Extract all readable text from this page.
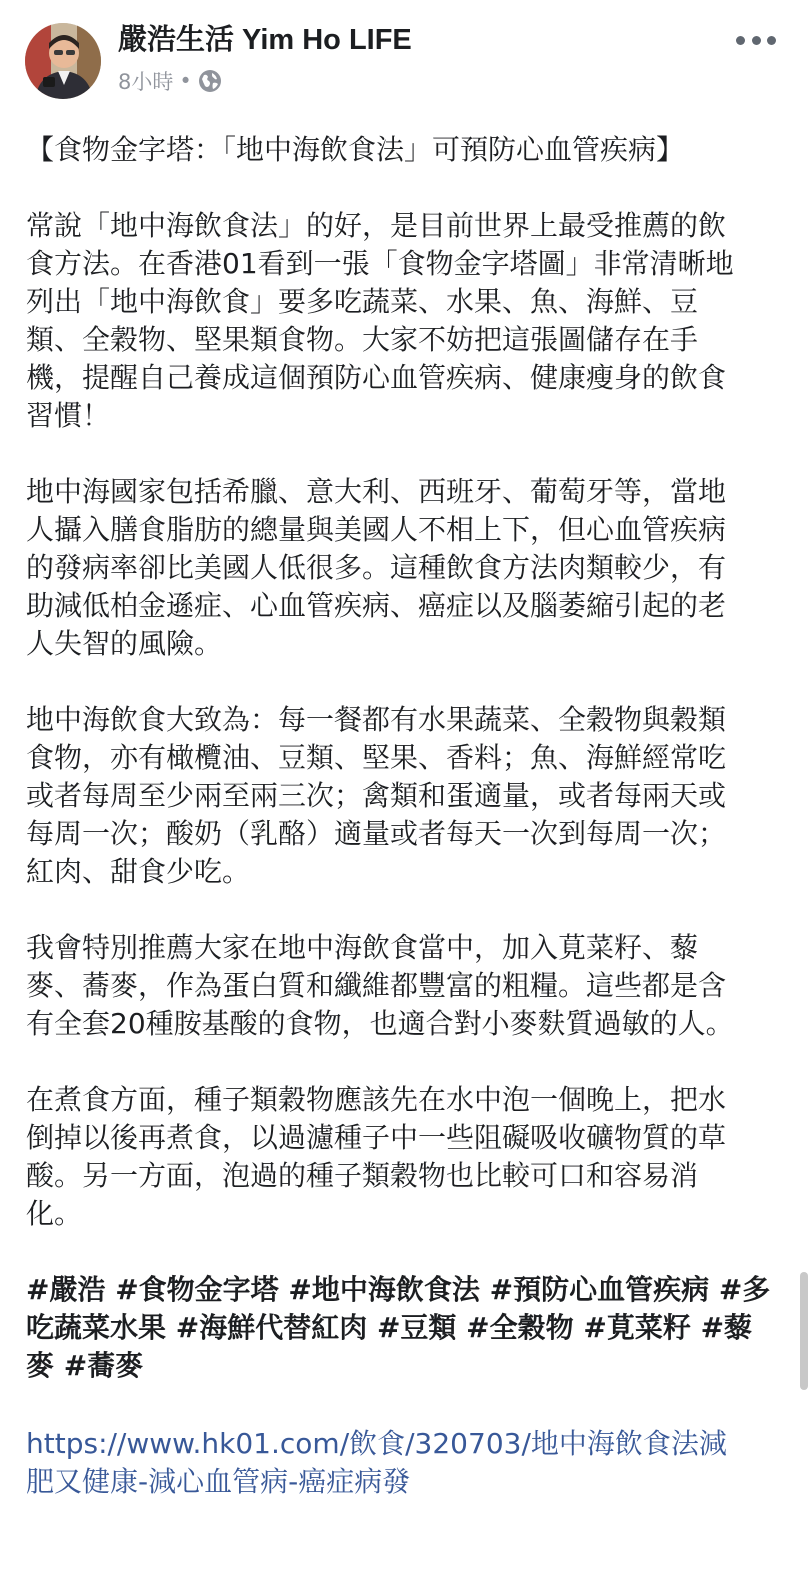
嚴浩生活 Yim Ho LIFE
8小時 •
【食物金字塔：「地中海飲食法」可預防心血管疾病】
常說「地中海飲食法」的好，是目前世界上最受推薦的飲
食方法。在香港01看到一張「食物金字塔圖」非常清晰地
列出「地中海飲食」要多吃蔬菜、水果、魚、海鮮、豆
類、全穀物、堅果類食物。大家不妨把這張圖儲存在手
機，提醒自己養成這個預防心血管疾病、健康瘦身的飲食
習慣！
地中海國家包括希臘、意大利、西班牙、葡萄牙等，當地
人攝入膳食脂肪的總量與美國人不相上下，但心血管疾病
的發病率卻比美國人低很多。這種飲食方法肉類較少，有
助減低柏金遜症、心血管疾病、癌症以及腦萎縮引起的老
人失智的風險。
地中海飲食大致為：每一餐都有水果蔬菜、全穀物與穀類
食物，亦有橄欖油、豆類、堅果、香料；魚、海鮮經常吃
或者每周至少兩至兩三次；禽類和蛋適量，或者每兩天或
每周一次；酸奶（乳酪）適量或者每天一次到每周一次；
紅肉、甜食少吃。
我會特別推薦大家在地中海飲食當中，加入莧菜籽、藜
麥、蕎麥，作為蛋白質和纖維都豐富的粗糧。這些都是含
有全套20種胺基酸的食物，也適合對小麥麩質過敏的人。
在煮食方面，種子類穀物應該先在水中泡一個晚上，把水
倒掉以後再煮食，以過濾種子中一些阻礙吸收礦物質的草
酸。另一方面，泡過的種子類穀物也比較可口和容易消
化。
#嚴浩 #食物金字塔 #地中海飲食法 #預防心血管疾病 #多
吃蔬菜水果 #海鮮代替紅肉 #豆類 #全穀物 #莧菜籽 #藜
麥 #蕎麥
https://www.hk01.com/飲食/320703/地中海飲食法減
肥又健康-減心血管病-癌症病發
